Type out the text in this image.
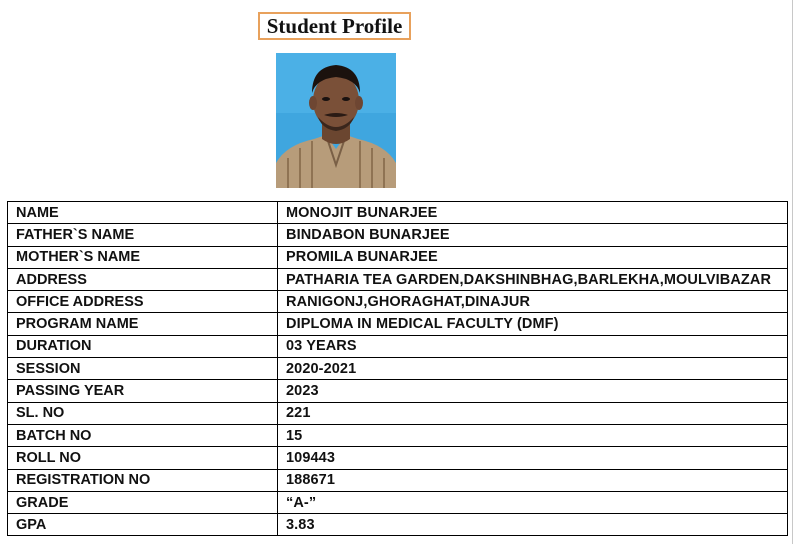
Student Profile
NAME	MONOJIT BUNARJEE
FATHER`S NAME	BINDABON BUNARJEE
MOTHER`S NAME	PROMILA BUNARJEE
ADDRESS	PATHARIA TEA GARDEN,DAKSHINBHAG,BARLEKHA,MOULVIBAZAR
OFFICE ADDRESS	RANIGONJ,GHORAGHAT,DINAJUR
PROGRAM NAME	DIPLOMA IN MEDICAL FACULTY (DMF)
DURATION	03 YEARS
SESSION	2020-2021
PASSING YEAR	2023
SL. NO	221
BATCH NO	15
ROLL NO	109443
REGISTRATION NO	188671
GRADE	“A-”
GPA	3.83
